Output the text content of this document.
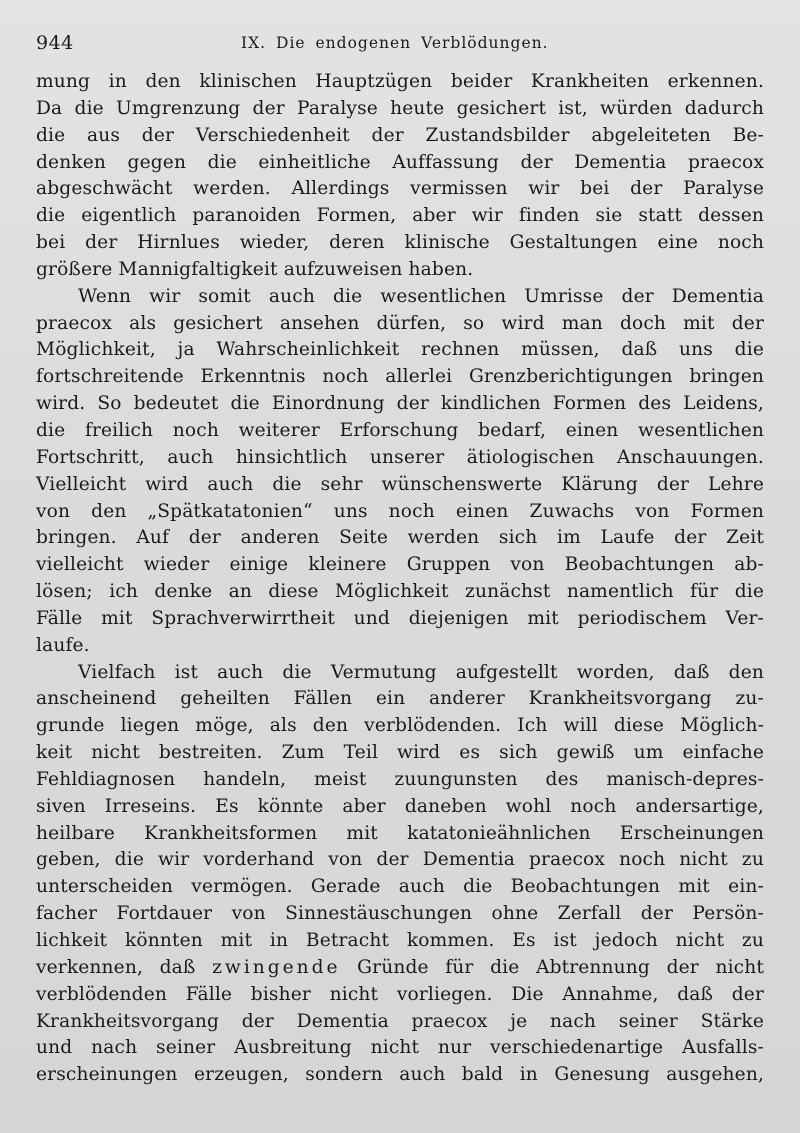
944	IX. Die endogenen Verblödungen.
mung in den klinischen Hauptzügen beider Krankheiten erkennen.
Da die Umgrenzung der Paralyse heute gesichert ist, würden dadurch
die aus der Verschiedenheit der Zustandsbilder abgeleiteten Be-
denken gegen die einheitliche Auffassung der Dementia praecox
abgeschwächt werden. Allerdings vermissen wir bei der Paralyse
die eigentlich paranoiden Formen, aber wir finden sie statt dessen
bei der Hirnlues wieder, deren klinische Gestaltungen eine noch
größere Mannigfaltigkeit aufzuweisen haben.
Wenn wir somit auch die wesentlichen Umrisse der Dementia
praecox als gesichert ansehen dürfen, so wird man doch mit der
Möglichkeit, ja Wahrscheinlichkeit rechnen müssen, daß uns die
fortschreitende Erkenntnis noch allerlei Grenzberichtigungen bringen
wird. So bedeutet die Einordnung der kindlichen Formen des Leidens,
die freilich noch weiterer Erforschung bedarf, einen wesentlichen
Fortschritt, auch hinsichtlich unserer ätiologischen Anschauungen.
Vielleicht wird auch die sehr wünschenswerte Klärung der Lehre
von den „Spätkatatonien“ uns noch einen Zuwachs von Formen
bringen. Auf der anderen Seite werden sich im Laufe der Zeit
vielleicht wieder einige kleinere Gruppen von Beobachtungen ab-
lösen; ich denke an diese Möglichkeit zunächst namentlich für die
Fälle mit Sprachverwirrtheit und diejenigen mit periodischem Ver-
laufe.
Vielfach ist auch die Vermutung aufgestellt worden, daß den
anscheinend geheilten Fällen ein anderer Krankheitsvorgang zu-
grunde liegen möge, als den verblödenden. Ich will diese Möglich-
keit nicht bestreiten. Zum Teil wird es sich gewiß um einfache
Fehldiagnosen handeln, meist zuungunsten des manisch-depres-
siven Irreseins. Es könnte aber daneben wohl noch andersartige,
heilbare Krankheitsformen mit katatonieähnlichen Erscheinungen
geben, die wir vorderhand von der Dementia praecox noch nicht zu
unterscheiden vermögen. Gerade auch die Beobachtungen mit ein-
facher Fortdauer von Sinnestäuschungen ohne Zerfall der Persön-
lichkeit könnten mit in Betracht kommen. Es ist jedoch nicht zu
verkennen, daß zwingende Gründe für die Abtrennung der nicht
verblödenden Fälle bisher nicht vorliegen. Die Annahme, daß der
Krankheitsvorgang der Dementia praecox je nach seiner Stärke
und nach seiner Ausbreitung nicht nur verschiedenartige Ausfalls-
erscheinungen erzeugen, sondern auch bald in Genesung ausgehen,
